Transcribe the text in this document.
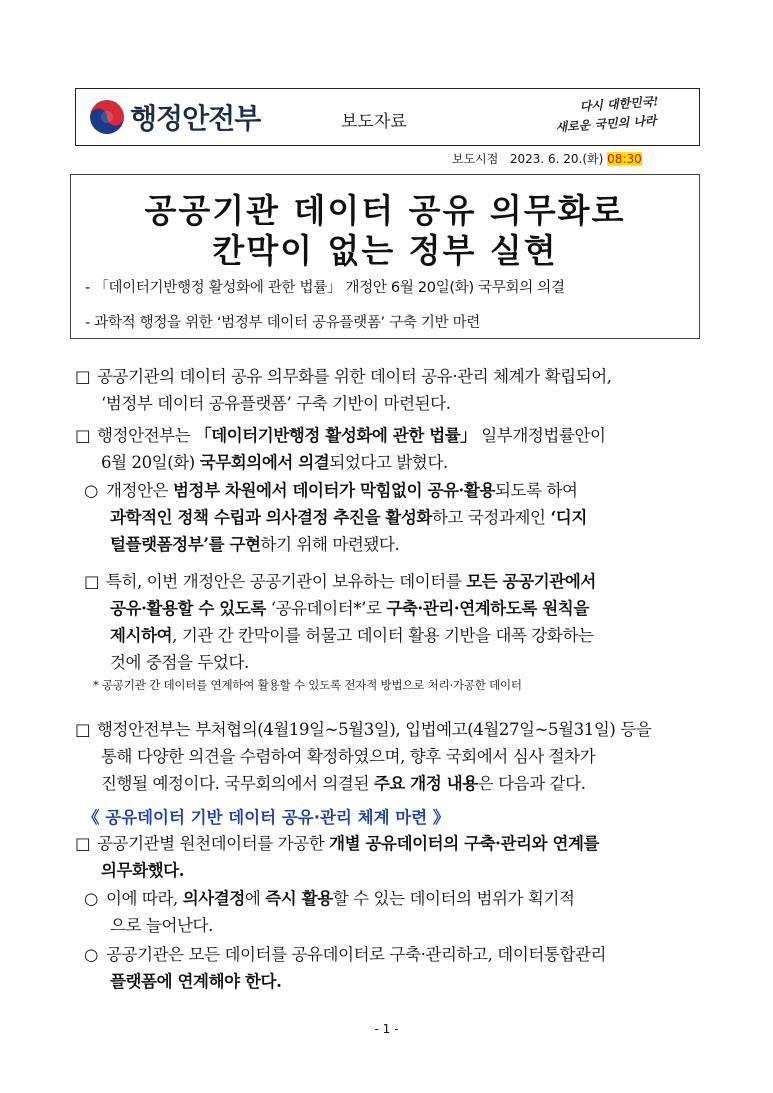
행정안전부	보도자료
다시 대한민국!
새로운 국민의 나라
보도시점 2023. 6. 20.(화) 08:30
공공기관 데이터 공유 의무화로
칸막이 없는 정부 실현
- 「데이터기반행정 활성화에 관한 법률」 개정안 6월 20일(화) 국무회의 의결
- 과학적 행정을 위한 ‘범정부 데이터 공유플랫폼’ 구축 기반 마련
□ 공공기관의 데이터 공유 의무화를 위한 데이터 공유·관리 체계가 확립되어,
‘범정부 데이터 공유플랫폼’ 구축 기반이 마련된다.
□ 행정안전부는 「데이터기반행정 활성화에 관한 법률」 일부개정법률안이
6월 20일(화) 국무회의에서 의결되었다고 밝혔다.
○ 개정안은 범정부 차원에서 데이터가 막힘없이 공유·활용되도록 하여
과학적인 정책 수립과 의사결정 추진을 활성화하고 국정과제인 ‘디지
털플랫폼정부’를 구현하기 위해 마련됐다.
□ 특히, 이번 개정안은 공공기관이 보유하는 데이터를 모든 공공기관에서
공유·활용할 수 있도록 ‘공유데이터*’로 구축·관리·연계하도록 원칙을
제시하여, 기관 간 칸막이를 허물고 데이터 활용 기반을 대폭 강화하는
것에 중점을 두었다.
* 공공기관 간 데이터를 연계하여 활용할 수 있도록 전자적 방법으로 처리·가공한 데이터
□ 행정안전부는 부처협의(4월19일~5월3일), 입법예고(4월27일~5월31일) 등을
통해 다양한 의견을 수렴하여 확정하였으며, 향후 국회에서 심사 절차가
진행될 예정이다. 국무회의에서 의결된 주요 개정 내용은 다음과 같다.
《 공유데이터 기반 데이터 공유·관리 체계 마련 》
□ 공공기관별 원천데이터를 가공한 개별 공유데이터의 구축·관리와 연계를
의무화했다.
○ 이에 따라, 의사결정에 즉시 활용할 수 있는 데이터의 범위가 획기적
으로 늘어난다.
○ 공공기관은 모든 데이터를 공유데이터로 구축·관리하고, 데이터통합관리
플랫폼에 연계해야 한다.
- 1 -
